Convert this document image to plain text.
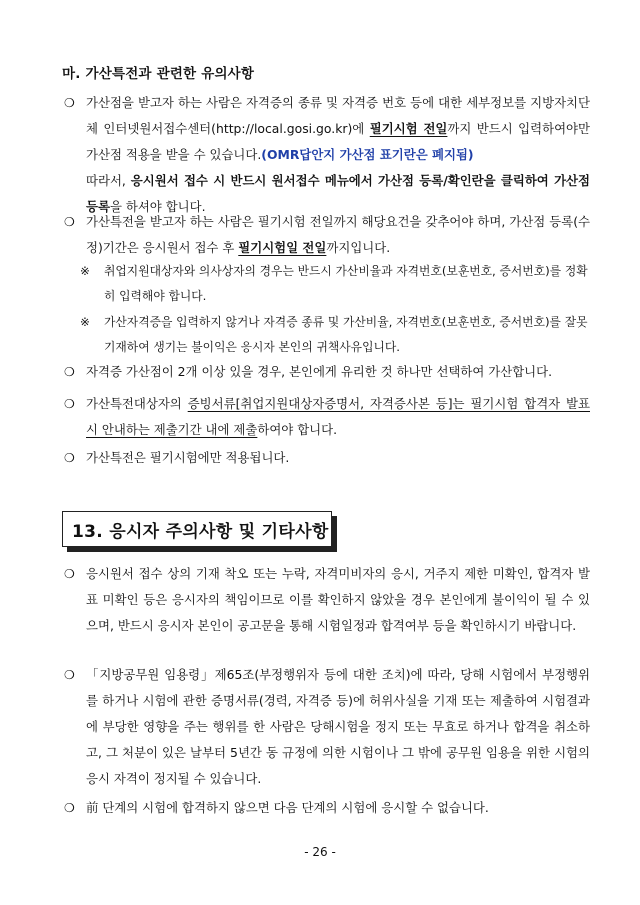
마. 가산특전과 관련한 유의사항
❍ 가산점을 받고자 하는 사람은 자격증의 종류 및 자격증 번호 등에 대한 세부정보를 지방자치단체 인터넷원서접수센터(http://local.gosi.go.kr)에 필기시험 전일까지 반드시 입력하여야만 가산점 적용을 받을 수 있습니다.(OMR답안지 가산점 표기란은 폐지됨)
따라서, 응시원서 접수 시 반드시 원서접수 메뉴에서 가산점 등록/확인란을 클릭하여 가산점 등록을 하셔야 합니다.
❍ 가산특전을 받고자 하는 사람은 필기시험 전일까지 해당요건을 갖추어야 하며, 가산점 등록(수정)기간은 응시원서 접수 후 필기시험일 전일까지입니다.
※ 취업지원대상자와 의사상자의 경우는 반드시 가산비율과 자격번호(보훈번호, 증서번호)를 정확히 입력해야 합니다.
※ 가산자격증을 입력하지 않거나 자격증 종류 및 가산비율, 자격번호(보훈번호, 증서번호)를 잘못 기재하여 생기는 불이익은 응시자 본인의 귀책사유입니다.
❍ 자격증 가산점이 2개 이상 있을 경우, 본인에게 유리한 것 하나만 선택하여 가산합니다.
❍ 가산특전대상자의 증빙서류[취업지원대상자증명서, 자격증사본 등]는 필기시험 합격자 발표 시 안내하는 제출기간 내에 제출하여야 합니다.
❍ 가산특전은 필기시험에만 적용됩니다.
13. 응시자 주의사항 및 기타사항
❍ 응시원서 접수 상의 기재 착오 또는 누락, 자격미비자의 응시, 거주지 제한 미확인, 합격자 발표 미확인 등은 응시자의 책임이므로 이를 확인하지 않았을 경우 본인에게 불이익이 될 수 있으며, 반드시 응시자 본인이 공고문을 통해 시험일정과 합격여부 등을 확인하시기 바랍니다.
❍ 「지방공무원 임용령」제65조(부정행위자 등에 대한 조치)에 따라, 당해 시험에서 부정행위를 하거나 시험에 관한 증명서류(경력, 자격증 등)에 허위사실을 기재 또는 제출하여 시험결과에 부당한 영향을 주는 행위를 한 사람은 당해시험을 정지 또는 무효로 하거나 합격을 취소하고, 그 처분이 있은 날부터 5년간 동 규정에 의한 시험이나 그 밖에 공무원 임용을 위한 시험의 응시 자격이 정지될 수 있습니다.
❍ 前 단계의 시험에 합격하지 않으면 다음 단계의 시험에 응시할 수 없습니다.
- 26 -
